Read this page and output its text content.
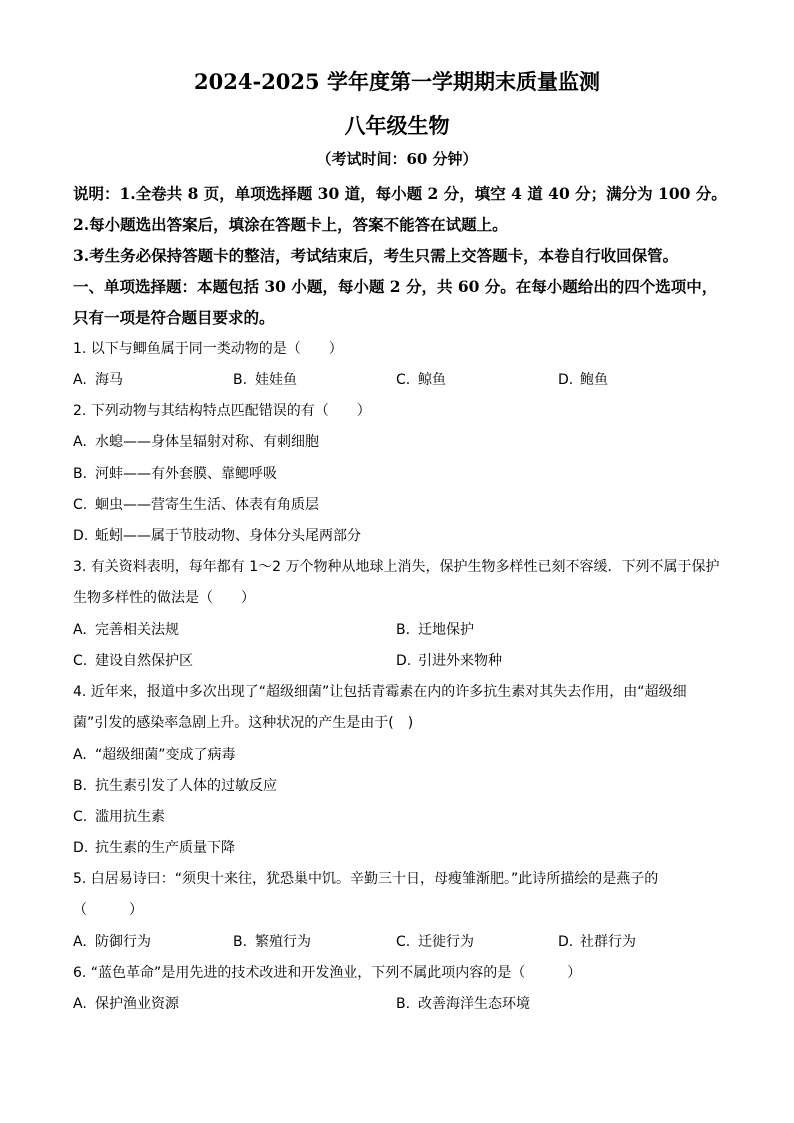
2024-2025 学年度第一学期期末质量监测
八年级生物
（考试时间：60 分钟）
说明：1.全卷共 8 页，单项选择题 30 道，每小题 2 分，填空 4 道 40 分；满分为 100 分。
2.每小题选出答案后，填涂在答题卡上，答案不能答在试题上。
3.考生务必保持答题卡的整洁，考试结束后，考生只需上交答题卡，本卷自行收回保管。
一、单项选择题：本题包括 30 小题，每小题 2 分，共 60 分。在每小题给出的四个选项中，
只有一项是符合题目要求的。
1. 以下与鲫鱼属于同一类动物的是（　　）
A. 海马	B. 娃娃鱼	C. 鲸鱼	D. 鲍鱼
2. 下列动物与其结构特点匹配错误的有（　　）
A. 水螅——身体呈辐射对称、有刺细胞
B. 河蚌——有外套膜、靠鳃呼吸
C. 蛔虫——营寄生生活、体表有角质层
D. 蚯蚓——属于节肢动物、身体分头尾两部分
3. 有关资料表明，每年都有 1～2 万个物种从地球上消失，保护生物多样性已刻不容缓．下列不属于保护
生物多样性的做法是（　　）
A. 完善相关法规	B. 迁地保护
C. 建设自然保护区	D. 引进外来物种
4. 近年来，报道中多次出现了“超级细菌”让包括青霉素在内的许多抗生素对其失去作用，由“超级细
菌”引发的感染率急剧上升。这种状况的产生是由于(　)
A. “超级细菌”变成了病毒
B. 抗生素引发了人体的过敏反应
C. 滥用抗生素
D. 抗生素的生产质量下降
5. 白居易诗曰：“须臾十来往，犹恐巢中饥。辛勤三十日，母瘦雏渐肥。”此诗所描绘的是燕子的
（　　　）
A. 防御行为	B. 繁殖行为	C. 迁徙行为	D. 社群行为
6. “蓝色革命”是用先进的技术改进和开发渔业，下列不属此项内容的是（　　　）
A. 保护渔业资源	B. 改善海洋生态环境
